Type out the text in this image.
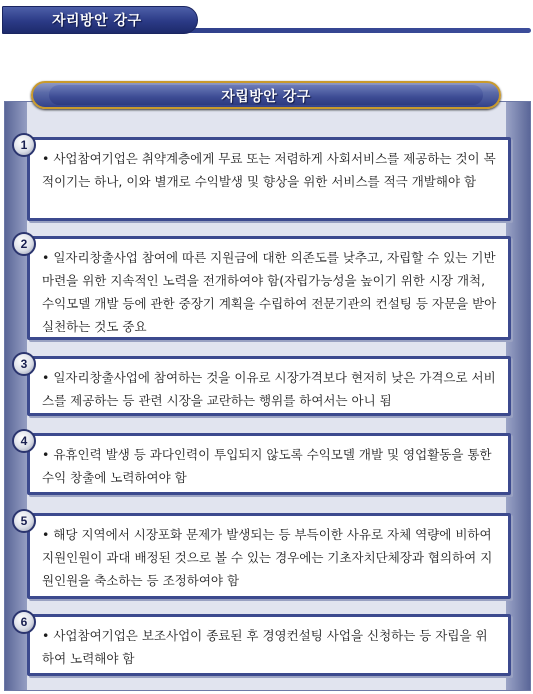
자리방안 강구
자립방안 강구
1
• 사업참여기업은 취약계층에게 무료 또는 저렴하게 사회서비스를 제공하는 것이 목적이기는 하나, 이와 별개로 수익발생 및 향상을 위한 서비스를 적극 개발해야 함
2
• 일자리창출사업 참여에 따른 지원금에 대한 의존도를 낮추고, 자립할 수 있는 기반 마련을 위한 지속적인 노력을 전개하여야 함(자립가능성을 높이기 위한 시장 개척, 수익모델 개발 등에 관한 중장기 계획을 수립하여 전문기관의 컨설팅 등 자문을 받아 실천하는 것도 중요
3
• 일자리창출사업에 참여하는 것을 이유로 시장가격보다 현저히 낮은 가격으로 서비스를 제공하는 등 관련 시장을 교란하는 행위를 하여서는 아니 됨
4
• 유휴인력 발생 등 과다인력이 투입되지 않도록 수익모델 개발 및 영업활동을 통한 수익 창출에 노력하여야 함
5
• 해당 지역에서 시장포화 문제가 발생되는 등 부득이한 사유로 자체 역량에 비하여 지원인원이 과대 배정된 것으로 볼 수 있는 경우에는 기초자치단체장과 협의하여 지원인원을 축소하는 등 조정하여야 함
6
• 사업참여기업은 보조사업이 종료된 후 경영컨설팅 사업을 신청하는 등 자립을 위하여 노력해야 함
